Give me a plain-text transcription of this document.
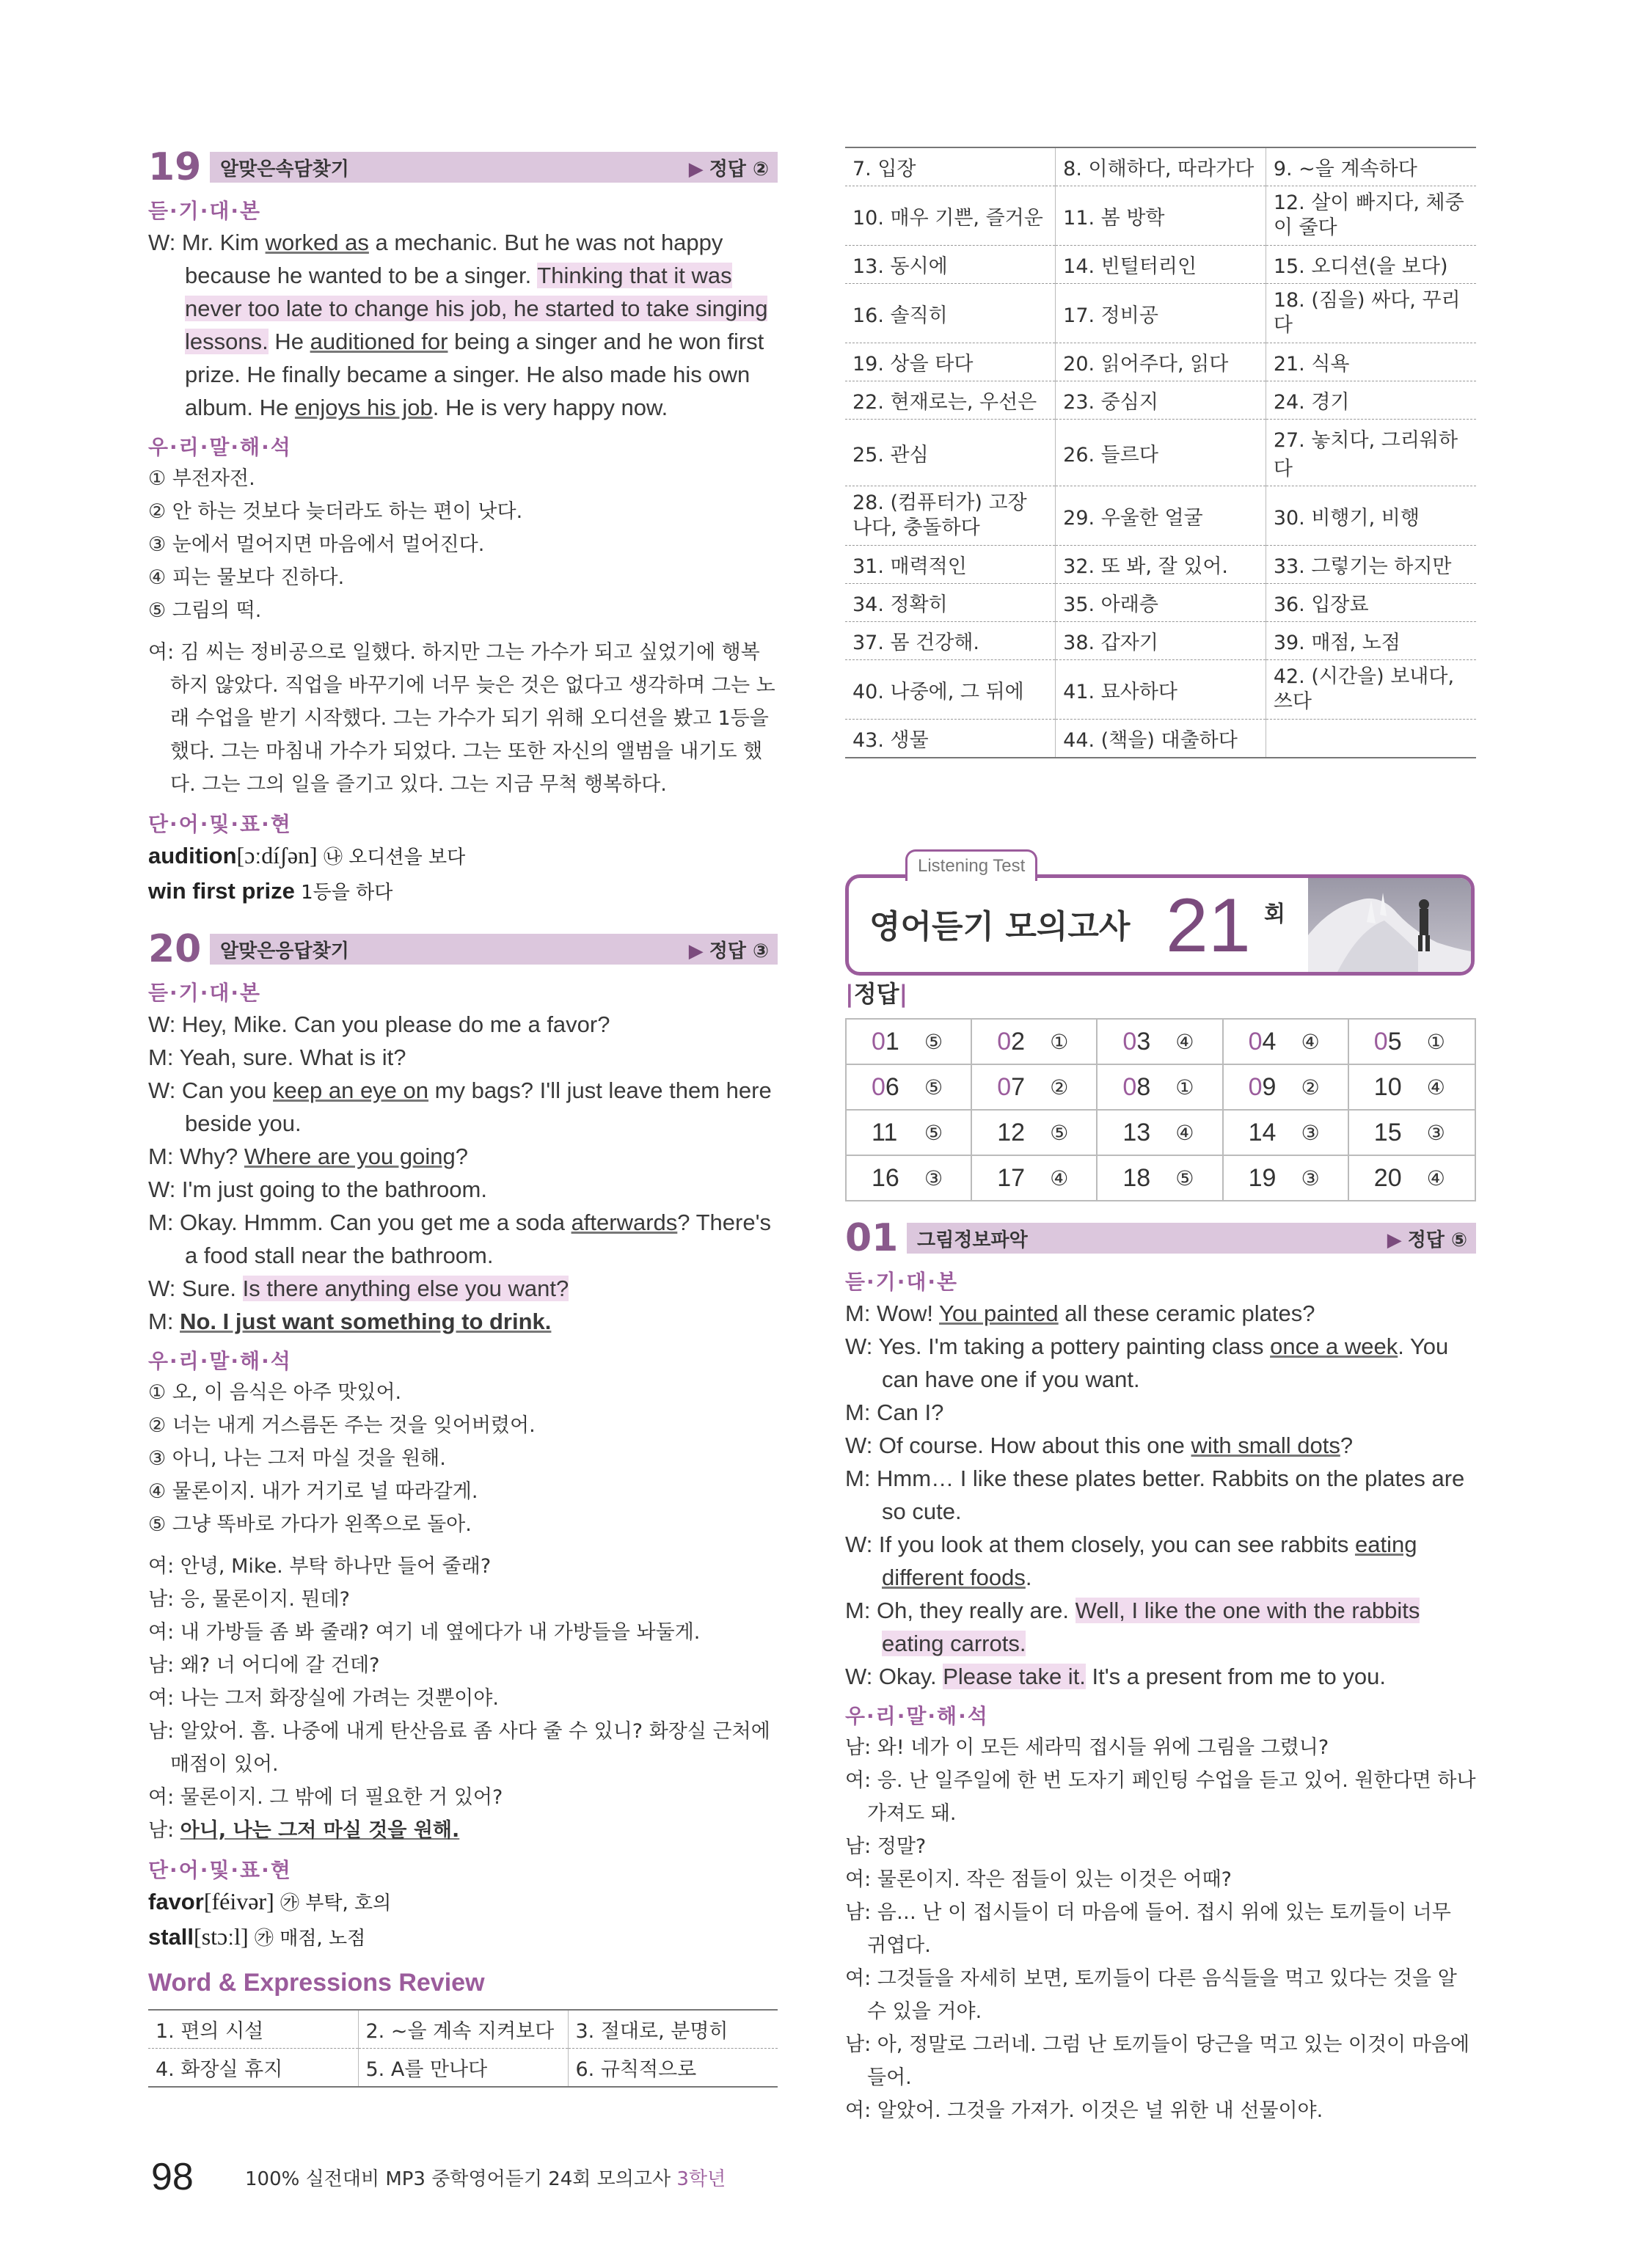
19 알맞은속담찾기	▶ 정답 ②
듣·기·대·본
W: Mr. Kim worked as a mechanic. But he was not happy because he wanted to be a singer. Thinking that it was never too late to change his job, he started to take singing lessons. He auditioned for being a singer and he won first prize. He finally became a singer. He also made his own album. He enjoys his job. He is very happy now.
우·리·말·해·석
① 부전자전.
② 안 하는 것보다 늦더라도 하는 편이 낫다.
③ 눈에서 멀어지면 마음에서 멀어진다.
④ 피는 물보다 진하다.
⑤ 그림의 떡.
여: 김 씨는 정비공으로 일했다. 하지만 그는 가수가 되고 싶었기에 행복하지 않았다. 직업을 바꾸기에 너무 늦은 것은 없다고 생각하며 그는 노래 수업을 받기 시작했다. 그는 가수가 되기 위해 오디션을 봤고 1등을 했다. 그는 마침내 가수가 되었다. 그는 또한 자신의 앨범을 내기도 했다. 그는 그의 일을 즐기고 있다. 그는 지금 무척 행복하다.
단·어·및·표·현
audition[ɔːdíʃən] ㉯ 오디션을 보다
win first prize 1등을 하다
20 알맞은응답찾기	▶ 정답 ③
듣·기·대·본
W: Hey, Mike. Can you please do me a favor?
M: Yeah, sure. What is it?
W: Can you keep an eye on my bags? I'll just leave them here beside you.
M: Why? Where are you going?
W: I'm just going to the bathroom.
M: Okay. Hmmm. Can you get me a soda afterwards? There's a food stall near the bathroom.
W: Sure. Is there anything else you want?
M: No. I just want something to drink.
우·리·말·해·석
① 오, 이 음식은 아주 맛있어.
② 너는 내게 거스름돈 주는 것을 잊어버렸어.
③ 아니, 나는 그저 마실 것을 원해.
④ 물론이지. 내가 거기로 널 따라갈게.
⑤ 그냥 똑바로 가다가 왼쪽으로 돌아.
여: 안녕, Mike. 부탁 하나만 들어 줄래?
남: 응, 물론이지. 뭔데?
여: 내 가방들 좀 봐 줄래? 여기 네 옆에다가 내 가방들을 놔둘게.
남: 왜? 너 어디에 갈 건데?
여: 나는 그저 화장실에 가려는 것뿐이야.
남: 알았어. 흠. 나중에 내게 탄산음료 좀 사다 줄 수 있니? 화장실 근처에 매점이 있어.
여: 물론이지. 그 밖에 더 필요한 거 있어?
남: 아니, 나는 그저 마실 것을 원해.
단·어·및·표·현
favor[féivər] ㉮ 부탁, 호의
stall[stɔːl] ㉮ 매점, 노점
Word & Expressions Review
1. 편의 시설	2. ~을 계속 지켜보다	3. 절대로, 분명히
4. 화장실 휴지	5. A를 만나다	6. 규칙적으로
7. 입장	8. 이해하다, 따라가다	9. ~을 계속하다
10. 매우 기쁜, 즐거운	11. 봄 방학	12. 살이 빠지다, 체중이 줄다
13. 동시에	14. 빈털터리인	15. 오디션(을 보다)
16. 솔직히	17. 정비공	18. (짐을) 싸다, 꾸리다
19. 상을 타다	20. 읽어주다, 읽다	21. 식욕
22. 현재로는, 우선은	23. 중심지	24. 경기
25. 관심	26. 들르다	27. 놓치다, 그리워하다
28. (컴퓨터가) 고장 나다, 충돌하다	29. 우울한 얼굴	30. 비행기, 비행
31. 매력적인	32. 또 봐, 잘 있어.	33. 그렇기는 하지만
34. 정확히	35. 아래층	36. 입장료
37. 몸 건강해.	38. 갑자기	39. 매점, 노점
40. 나중에, 그 뒤에	41. 묘사하다	42. (시간을) 보내다, 쓰다
43. 생물	44. (책을) 대출하다	
Listening Test
영어듣기 모의고사 21 회
|정답|
01	⑤ 02	① 03	④ 04	④ 05	①
06	⑤ 07	② 08	① 09	② 10	④
11	⑤ 12	⑤ 13	④ 14	③ 15	③
16	③ 17	④ 18	⑤ 19	③ 20	④
01 그림정보파악	▶ 정답 ⑤
듣·기·대·본
M: Wow! You painted all these ceramic plates?
W: Yes. I'm taking a pottery painting class once a week. You can have one if you want.
M: Can I?
W: Of course. How about this one with small dots?
M: Hmm… I like these plates better. Rabbits on the plates are so cute.
W: If you look at them closely, you can see rabbits eating different foods.
M: Oh, they really are. Well, I like the one with the rabbits eating carrots.
W: Okay. Please take it. It's a present from me to you.
우·리·말·해·석
남: 와! 네가 이 모든 세라믹 접시들 위에 그림을 그렸니?
여: 응. 난 일주일에 한 번 도자기 페인팅 수업을 듣고 있어. 원한다면 하나 가져도 돼.
남: 정말?
여: 물론이지. 작은 점들이 있는 이것은 어때?
남: 음… 난 이 접시들이 더 마음에 들어. 접시 위에 있는 토끼들이 너무 귀엽다.
여: 그것들을 자세히 보면, 토끼들이 다른 음식들을 먹고 있다는 것을 알 수 있을 거야.
남: 아, 정말로 그러네. 그럼 난 토끼들이 당근을 먹고 있는 이것이 마음에 들어.
여: 알았어. 그것을 가져가. 이것은 널 위한 내 선물이야.
98	100% 실전대비 MP3 중학영어듣기 24회 모의고사 3학년
